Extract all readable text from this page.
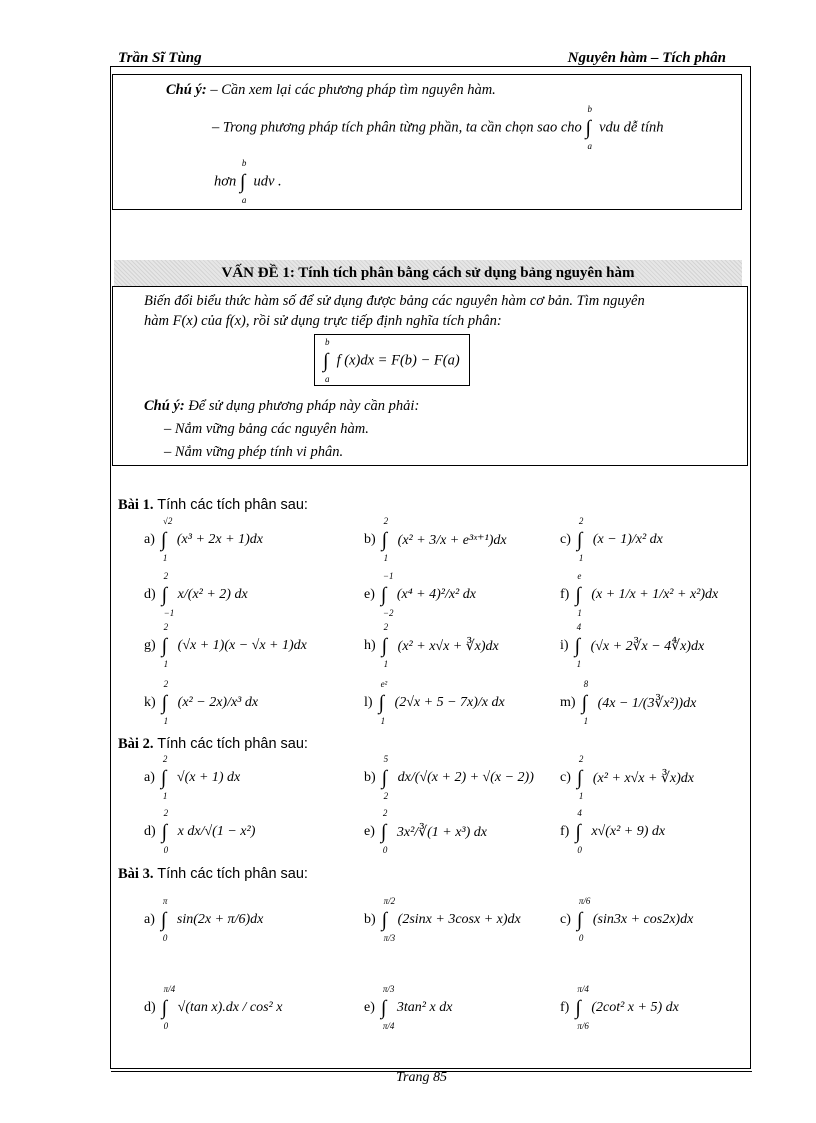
Trần Sĩ Tùng	Nguyên hàm – Tích phân
Chú ý: – Cần xem lại các phương pháp tìm nguyên hàm.
– Trong phương pháp tích phân từng phần, ta cần chọn sao cho ∫
b
a
vdu dễ tính
hơn ∫
b
a
udv .
VẤN ĐỀ 1: Tính tích phân bằng cách sử dụng bảng nguyên hàm
Biến đổi biểu thức hàm số để sử dụng được bảng các nguyên hàm cơ bản. Tìm nguyên
hàm F(x) của f(x), rồi sử dụng trực tiếp định nghĩa tích phân:
∫
b
a
f (x)dx = F(b) − F(a)
Chú ý: Để sử dụng phương pháp này cần phải:
– Nắm vững bảng các nguyên hàm.
– Nắm vững phép tính vi phân.
Bài 1. Tính các tích phân sau:
Bài 2. Tính các tích phân sau:
Bài 3. Tính các tích phân sau:
a) ∫
√2
1
(x³ + 2x + 1)dx	b) ∫
2
1
(x² + 3/x + e³ˣ⁺¹)dx	c) ∫
2
1
(x − 1)/x² dx
d) ∫
2
−1
x/(x² + 2) dx	e) ∫
−1
−2
(x⁴ + 4)²/x² dx	f) ∫
e
1
(x + 1/x + 1/x² + x²)dx
g) ∫
2
1
(√x + 1)(x − √x + 1)dx	h) ∫
2
1
(x² + x√x + ∛x)dx	i) ∫
4
1
(√x + 2∛x − 4∜x)dx
k) ∫
2
1
(x² − 2x)/x³ dx	l) ∫
e²
1
(2√x + 5 − 7x)/x dx	m) ∫
8
1
(4x − 1/(3∛x²))dx
a) ∫
2
1
√(x + 1) dx	b) ∫
5
2
dx/(√(x + 2) + √(x − 2)) c) ∫
2
1
(x² + x√x + ∛x)dx
d) ∫
2
0
x dx/√(1 − x²)	e) ∫
2
0
3x²/∛(1 + x³) dx	f) ∫
4
0
x√(x² + 9) dx
a) ∫
π
0
sin(2x + π/6)dx	b) ∫
π/2
π/3
(2sinx + 3cosx + x)dx	c) ∫
π/6
0
(sin3x + cos2x)dx
d) ∫
π/4
0
√(tan x).dx / cos² x	e) ∫
π/3
π/4
3tan² x dx	f) ∫
π/4
π/6
(2cot² x + 5) dx
Trang 85
